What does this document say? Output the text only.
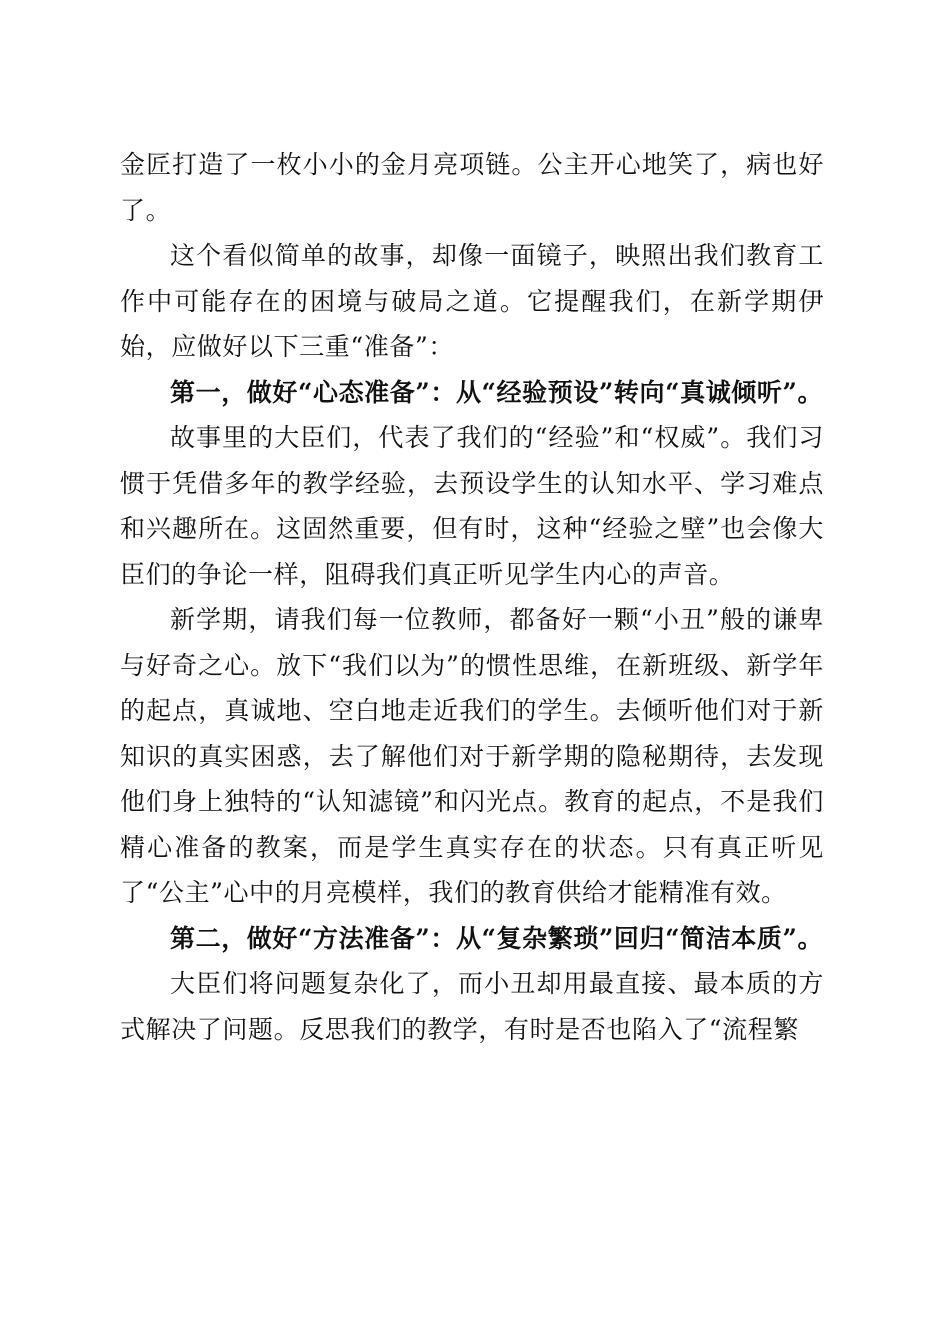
金匠打造了一枚小小的金月亮项链。公主开心地笑了，病也好了。

这个看似简单的故事，却像一面镜子，映照出我们教育工作中可能存在的困境与破局之道。它提醒我们，在新学期伊始，应做好以下三重“准备”：

第一，做好“心态准备”：从“经验预设”转向“真诚倾听”。

故事里的大臣们，代表了我们的“经验”和“权威”。我们习惯于凭借多年的教学经验，去预设学生的认知水平、学习难点和兴趣所在。这固然重要，但有时，这种“经验之壁”也会像大臣们的争论一样，阻碍我们真正听见学生内心的声音。

新学期，请我们每一位教师，都备好一颗“小丑”般的谦卑与好奇之心。放下“我们以为”的惯性思维，在新班级、新学年的起点，真诚地、空白地走近我们的学生。去倾听他们对于新知识的真实困惑，去了解他们对于新学期的隐秘期待，去发现他们身上独特的“认知滤镜”和闪光点。教育的起点，不是我们精心准备的教案，而是学生真实存在的状态。只有真正听见了“公主”心中的月亮模样，我们的教育供给才能精准有效。

第二，做好“方法准备”：从“复杂繁琐”回归“简洁本质”。

大臣们将问题复杂化了，而小丑却用最直接、最本质的方式解决了问题。反思我们的教学，有时是否也陷入了“流程繁
